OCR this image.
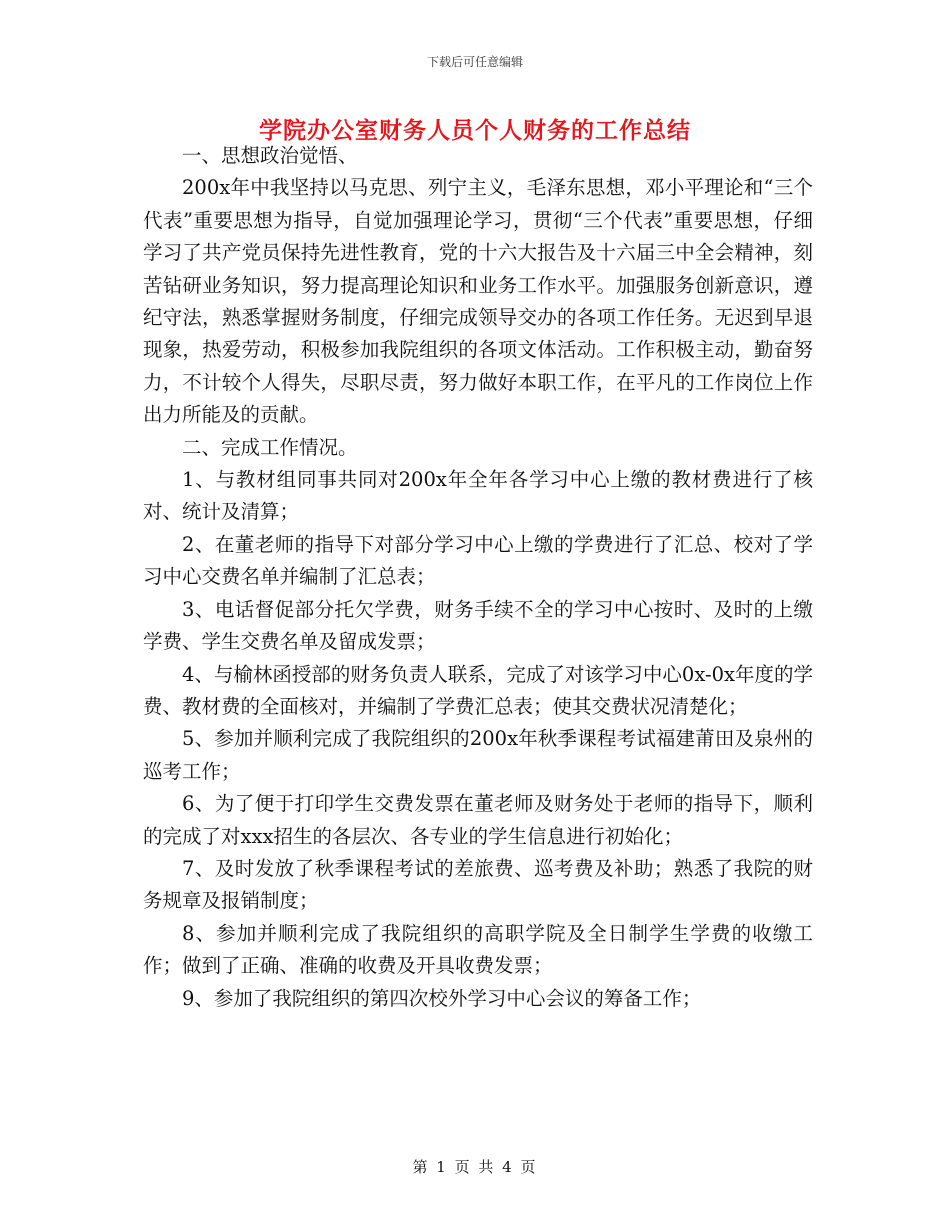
下载后可任意编辑
学院办公室财务人员个人财务的工作总结

一、思想政治觉悟、

200x年中我坚持以马克思、列宁主义，毛泽东思想，邓小平理论和“三个代表”重要思想为指导，自觉加强理论学习，贯彻“三个代表”重要思想，仔细学习了共产党员保持先进性教育，党的十六大报告及十六届三中全会精神，刻苦钻研业务知识，努力提高理论知识和业务工作水平。加强服务创新意识，遵纪守法，熟悉掌握财务制度，仔细完成领导交办的各项工作任务。无迟到早退现象，热爱劳动，积极参加我院组织的各项文体活动。工作积极主动，勤奋努力，不计较个人得失，尽职尽责，努力做好本职工作，在平凡的工作岗位上作出力所能及的贡献。

二、完成工作情况。

1、与教材组同事共同对200x年全年各学习中心上缴的教材费进行了核对、统计及清算；

2、在董老师的指导下对部分学习中心上缴的学费进行了汇总、校对了学习中心交费名单并编制了汇总表；

3、电话督促部分托欠学费，财务手续不全的学习中心按时、及时的上缴学费、学生交费名单及留成发票；

4、与榆林函授部的财务负责人联系，完成了对该学习中心0x-0x年度的学费、教材费的全面核对，并编制了学费汇总表；使其交费状况清楚化；

5、参加并顺利完成了我院组织的200x年秋季课程考试福建莆田及泉州的巡考工作；

6、为了便于打印学生交费发票在董老师及财务处于老师的指导下，顺利的完成了对xxx招生的各层次、各专业的学生信息进行初始化；

7、及时发放了秋季课程考试的差旅费、巡考费及补助；熟悉了我院的财务规章及报销制度；

8、参加并顺利完成了我院组织的高职学院及全日制学生学费的收缴工作；做到了正确、准确的收费及开具收费发票；

9、参加了我院组织的第四次校外学习中心会议的筹备工作；

第 1 页 共 4 页
